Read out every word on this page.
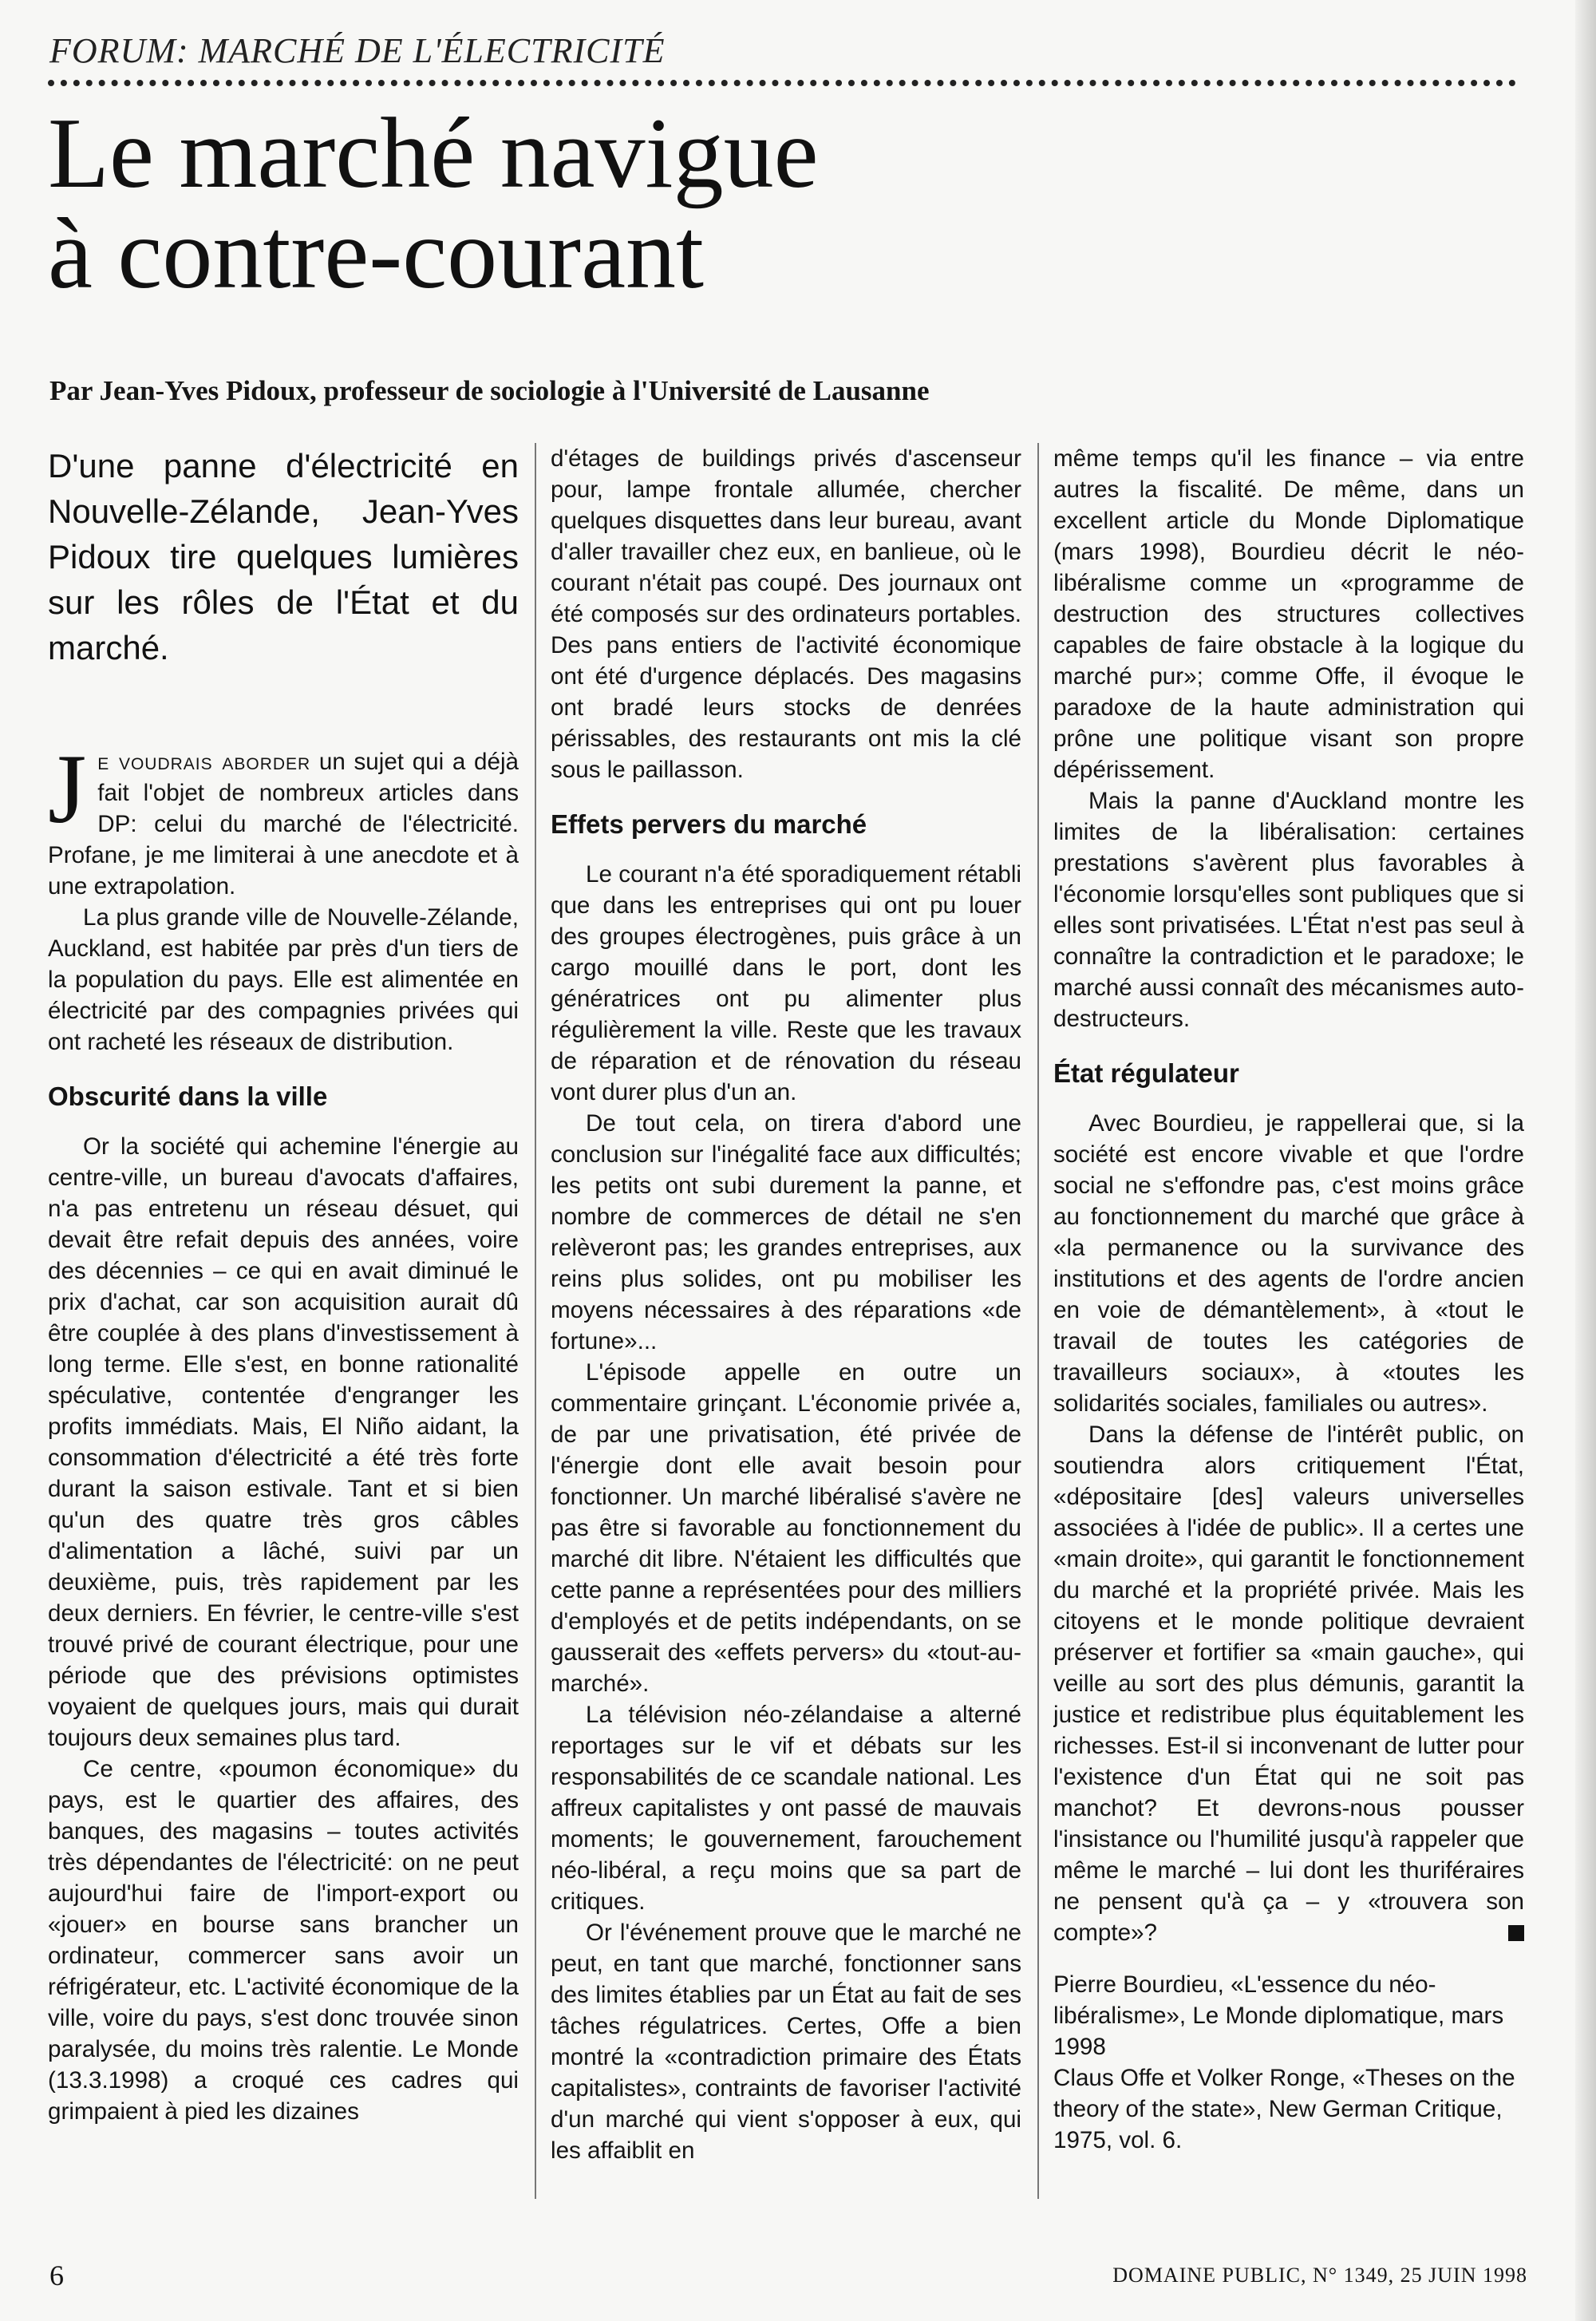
FORUM: MARCHÉ DE L'ÉLECTRICITÉ
Le marché navigue
à contre-courant
Par Jean-Yves Pidoux, professeur de sociologie à l'Université de Lausanne

D'une panne d'électricité en Nouvelle-Zélande, Jean-Yves Pidoux tire quelques lumières sur les rôles de l'État et du marché.

Je voudrais aborder un sujet qui a déjà fait l'objet de nombreux articles dans DP: celui du marché de l'électricité. Profane, je me limiterai à une anecdote et à une extrapolation.

La plus grande ville de Nouvelle-Zélande, Auckland, est habitée par près d'un tiers de la population du pays. Elle est alimentée en électricité par des compagnies privées qui ont racheté les réseaux de distribution.

Obscurité dans la ville

Or la société qui achemine l'énergie au centre-ville, un bureau d'avocats d'affaires, n'a pas entretenu un réseau désuet, qui devait être refait depuis des années, voire des décennies – ce qui en avait diminué le prix d'achat, car son acquisition aurait dû être couplée à des plans d'investissement à long terme. Elle s'est, en bonne rationalité spéculative, contentée d'engranger les profits immédiats. Mais, El Niño aidant, la consommation d'électricité a été très forte durant la saison estivale. Tant et si bien qu'un des quatre très gros câbles d'alimentation a lâché, suivi par un deuxième, puis, très rapidement par les deux derniers. En février, le centre-ville s'est trouvé privé de courant électrique, pour une période que des prévisions optimistes voyaient de quelques jours, mais qui durait toujours deux semaines plus tard.

Ce centre, «poumon économique» du pays, est le quartier des affaires, des banques, des magasins – toutes activités très dépendantes de l'électricité: on ne peut aujourd'hui faire de l'import-export ou «jouer» en bourse sans brancher un ordinateur, commercer sans avoir un réfrigérateur, etc. L'activité économique de la ville, voire du pays, s'est donc trouvée sinon paralysée, du moins très ralentie. Le Monde (13.3.1998) a croqué ces cadres qui grimpaient à pied les dizaines

d'étages de buildings privés d'ascenseur pour, lampe frontale allumée, chercher quelques disquettes dans leur bureau, avant d'aller travailler chez eux, en banlieue, où le courant n'était pas coupé. Des journaux ont été composés sur des ordinateurs portables. Des pans entiers de l'activité économique ont été d'urgence déplacés. Des magasins ont bradé leurs stocks de denrées périssables, des restaurants ont mis la clé sous le paillasson.

Effets pervers du marché

Le courant n'a été sporadiquement rétabli que dans les entreprises qui ont pu louer des groupes électrogènes, puis grâce à un cargo mouillé dans le port, dont les génératrices ont pu alimenter plus régulièrement la ville. Reste que les travaux de réparation et de rénovation du réseau vont durer plus d'un an.

De tout cela, on tirera d'abord une conclusion sur l'inégalité face aux difficultés; les petits ont subi durement la panne, et nombre de commerces de détail ne s'en relèveront pas; les grandes entreprises, aux reins plus solides, ont pu mobiliser les moyens nécessaires à des réparations «de fortune»...

L'épisode appelle en outre un commentaire grinçant. L'économie privée a, de par une privatisation, été privée de l'énergie dont elle avait besoin pour fonctionner. Un marché libéralisé s'avère ne pas être si favorable au fonctionnement du marché dit libre. N'étaient les difficultés que cette panne a représentées pour des milliers d'employés et de petits indépendants, on se gausserait des «effets pervers» du «tout-au-marché».

La télévision néo-zélandaise a alterné reportages sur le vif et débats sur les responsabilités de ce scandale national. Les affreux capitalistes y ont passé de mauvais moments; le gouvernement, farouchement néo-libéral, a reçu moins que sa part de critiques.

Or l'événement prouve que le marché ne peut, en tant que marché, fonctionner sans des limites établies par un État au fait de ses tâches régulatrices. Certes, Offe a bien montré la «contradiction primaire des États capitalistes», contraints de favoriser l'activité d'un marché qui vient s'opposer à eux, qui les affaiblit en

même temps qu'il les finance – via entre autres la fiscalité. De même, dans un excellent article du Monde Diplomatique (mars 1998), Bourdieu décrit le néo-libéralisme comme un «programme de destruction des structures collectives capables de faire obstacle à la logique du marché pur»; comme Offe, il évoque le paradoxe de la haute administration qui prône une politique visant son propre dépérissement.

Mais la panne d'Auckland montre les limites de la libéralisation: certaines prestations s'avèrent plus favorables à l'économie lorsqu'elles sont publiques que si elles sont privatisées. L'État n'est pas seul à connaître la contradiction et le paradoxe; le marché aussi connaît des mécanismes auto-destructeurs.

État régulateur

Avec Bourdieu, je rappellerai que, si la société est encore vivable et que l'ordre social ne s'effondre pas, c'est moins grâce au fonctionnement du marché que grâce à «la permanence ou la survivance des institutions et des agents de l'ordre ancien en voie de démantèlement», à «tout le travail de toutes les catégories de travailleurs sociaux», à «toutes les solidarités sociales, familiales ou autres».

Dans la défense de l'intérêt public, on soutiendra alors critiquement l'État, «dépositaire [des] valeurs universelles associées à l'idée de public». Il a certes une «main droite», qui garantit le fonctionnement du marché et la propriété privée. Mais les citoyens et le monde politique devraient préserver et fortifier sa «main gauche», qui veille au sort des plus démunis, garantit la justice et redistribue plus équitablement les richesses. Est-il si inconvenant de lutter pour l'existence d'un État qui ne soit pas manchot? Et devrons-nous pousser l'insistance ou l'humilité jusqu'à rappeler que même le marché – lui dont les thuriféraires ne pensent qu'à ça – y «trouvera son compte»?

Pierre Bourdieu, «L'essence du néo-libéralisme», Le Monde diplomatique, mars 1998

Claus Offe et Volker Ronge, «Theses on the theory of the state», New German Critique, 1975, vol. 6.

6	DOMAINE PUBLIC, N° 1349, 25 JUIN 1998
